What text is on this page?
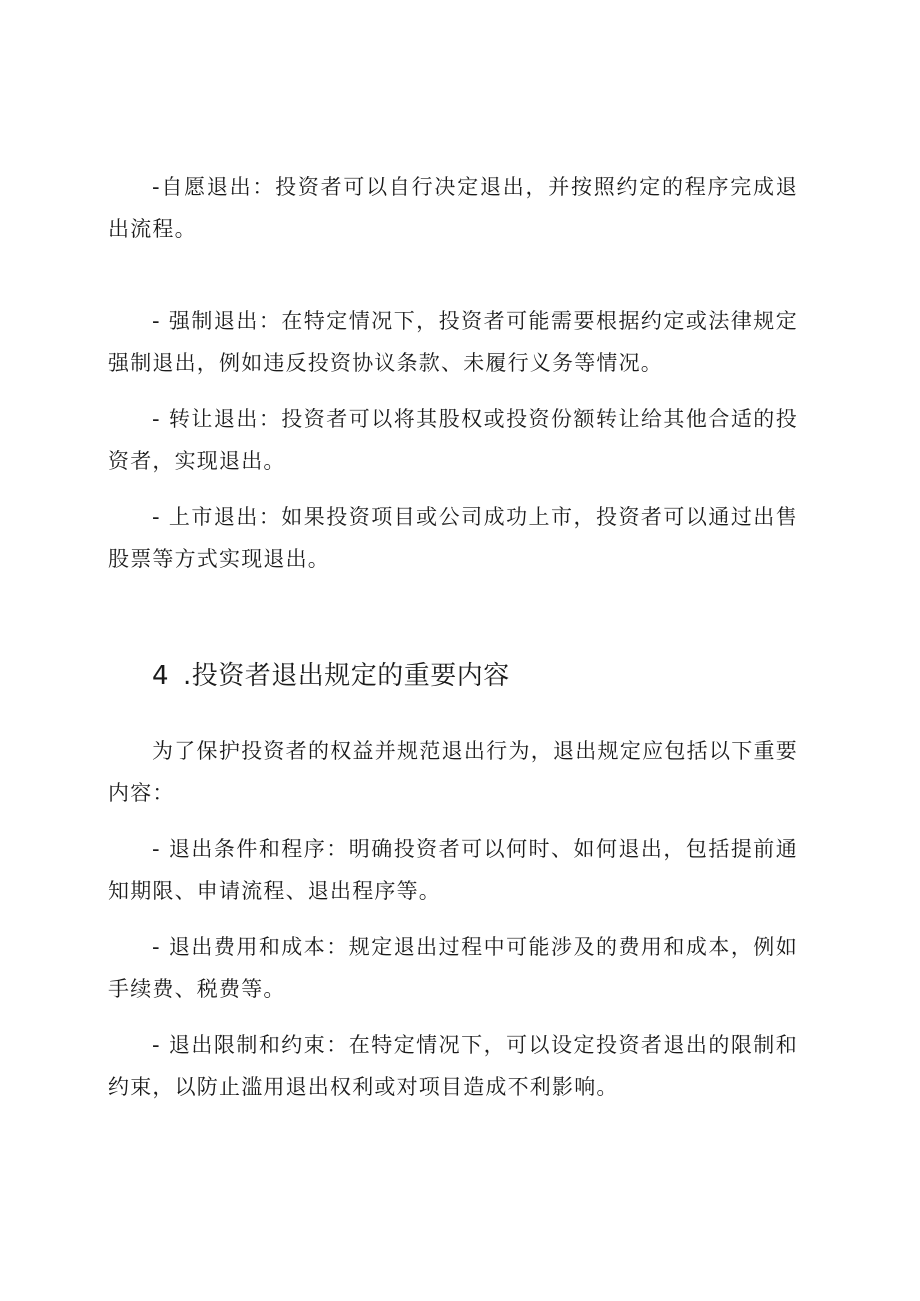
-自愿退出：投资者可以自行决定退出，并按照约定的程序完成退出流程。

- 强制退出：在特定情况下，投资者可能需要根据约定或法律规定强制退出，例如违反投资协议条款、未履行义务等情况。

- 转让退出：投资者可以将其股权或投资份额转让给其他合适的投资者，实现退出。

- 上市退出：如果投资项目或公司成功上市，投资者可以通过出售股票等方式实现退出。

4 .投资者退出规定的重要内容

为了保护投资者的权益并规范退出行为，退出规定应包括以下重要内容：

- 退出条件和程序：明确投资者可以何时、如何退出，包括提前通知期限、申请流程、退出程序等。

- 退出费用和成本：规定退出过程中可能涉及的费用和成本，例如手续费、税费等。

- 退出限制和约束：在特定情况下，可以设定投资者退出的限制和约束，以防止滥用退出权利或对项目造成不利影响。
